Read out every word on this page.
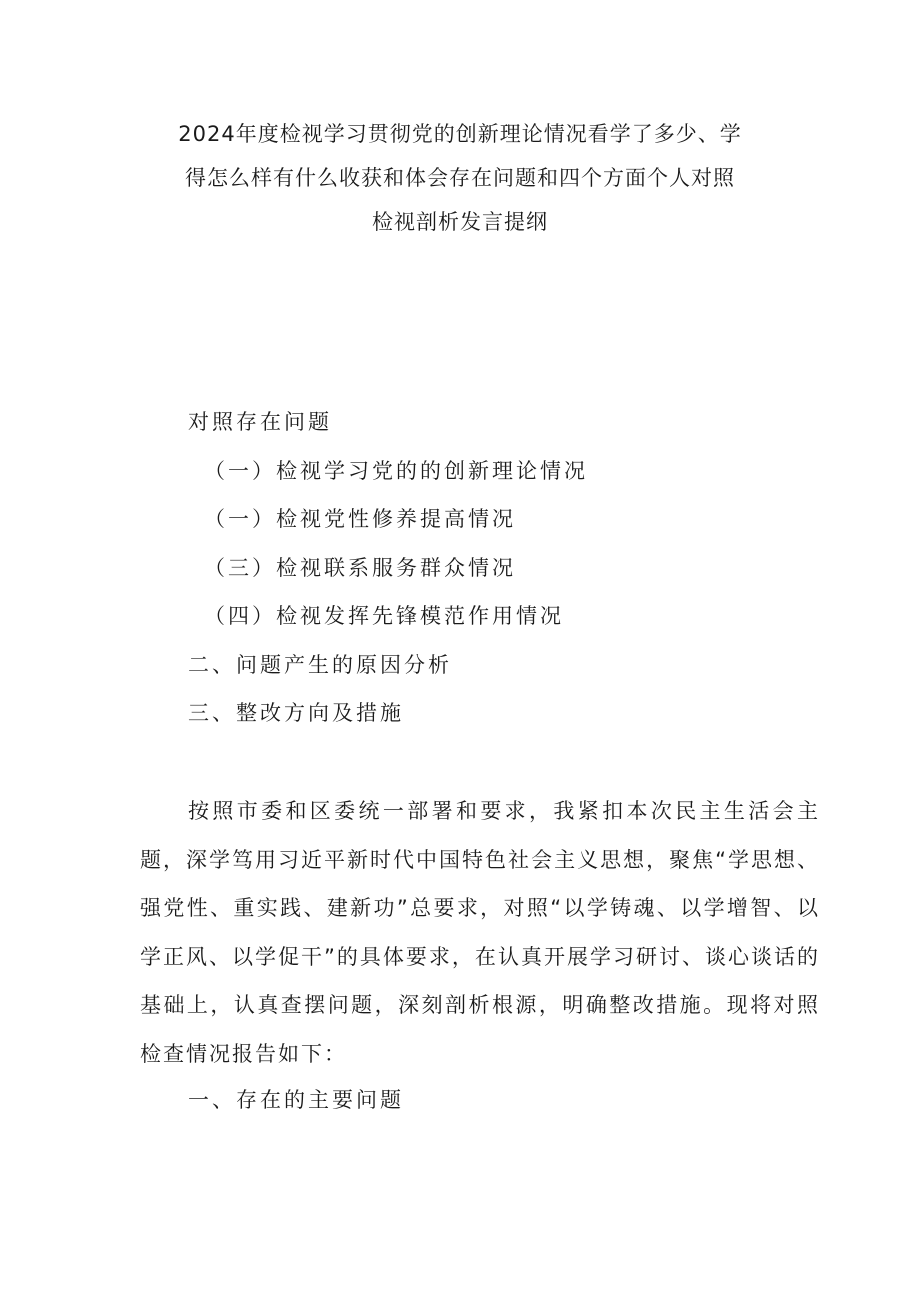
2024年度检视学习贯彻党的创新理论情况看学了多少、学
得怎么样有什么收获和体会存在问题和四个方面个人对照
检视剖析发言提纲
对照存在问题
（一）检视学习党的的创新理论情况
（一）检视党性修养提高情况
（三）检视联系服务群众情况
（四）检视发挥先锋模范作用情况
二、问题产生的原因分析
三、整改方向及措施

按照市委和区委统一部署和要求，我紧扣本次民主生活会主题，深学笃用习近平新时代中国特色社会主义思想，聚焦“学思想、强党性、重实践、建新功”总要求，对照“以学铸魂、以学增智、以学正风、以学促干”的具体要求，在认真开展学习研讨、谈心谈话的基础上，认真查摆问题，深刻剖析根源，明确整改措施。现将对照检查情况报告如下：

一、存在的主要问题
